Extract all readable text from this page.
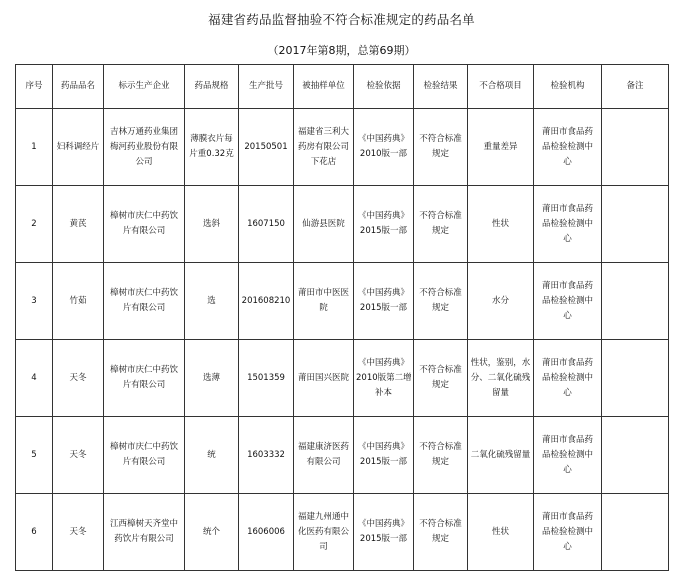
福建省药品监督抽验不符合标准规定的药品名单
（2017年第8期，总第69期）
序号	药品品名	标示生产企业	药品规格	生产批号	被抽样单位	检验依据	检验结果	不合格项目	检验机构	备注
1	妇科调经片	吉林万通药业集团
梅河药业股份有限
公司	薄膜衣片每
片重0.32克	20150501	福建省三利大
药房有限公司
下花店	《中国药典》
2010版一部	不符合标准
规定	重量差异	莆田市食品药
品检验检测中
心	

2	黄芪	樟树市庆仁中药饮
片有限公司	选斜	1607150	仙游县医院	《中国药典》
2015版一部	不符合标准
规定	性状	莆田市食品药
品检验检测中
心	

3	竹茹	樟树市庆仁中药饮
片有限公司	选	201608210	莆田市中医医
院	《中国药典》
2015版一部	不符合标准
规定	水分	莆田市食品药
品检验检测中
心	

4	天冬	樟树市庆仁中药饮
片有限公司	选薄	1501359	莆田国兴医院	《中国药典》
2010版第二增
补本	不符合标准
规定	性状，鉴别，水
分、二氧化硫残
留量	莆田市食品药
品检验检测中
心	

5	天冬	樟树市庆仁中药饮
片有限公司	统	1603332	福建康济医药
有限公司	《中国药典》
2015版一部	不符合标准
规定	二氧化硫残留量	莆田市食品药
品检验检测中
心	

6	天冬	江西樟树天齐堂中
药饮片有限公司	统个	1606006	福建九州通中
化医药有限公
司	《中国药典》
2015版一部	不符合标准
规定	性状	莆田市食品药
品检验检测中
心	
